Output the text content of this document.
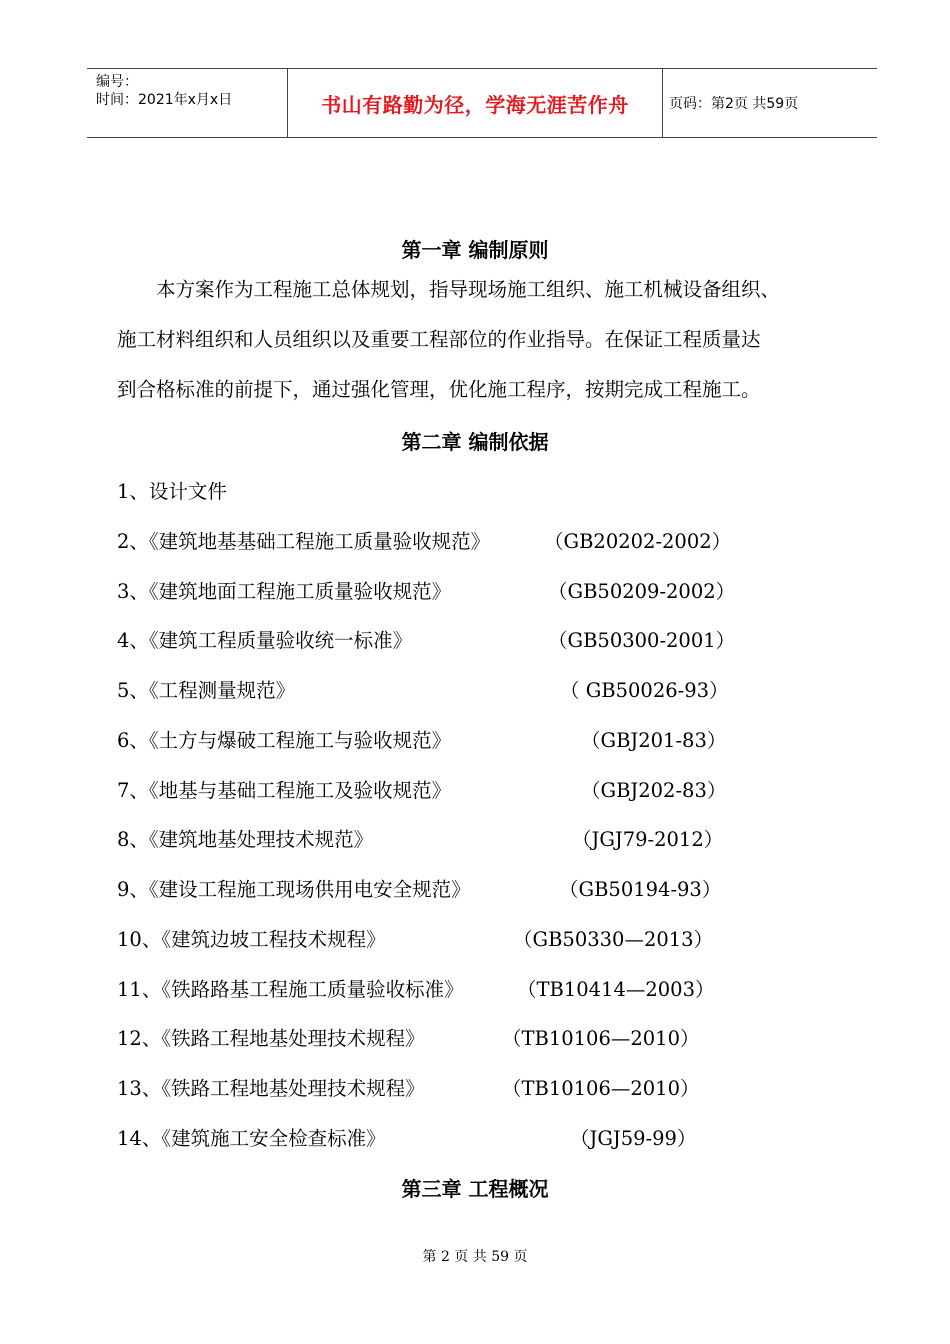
编号：
时间：2021年x月x日	书山有路勤为径，学海无涯苦作舟	页码：第2页 共59页
第一章 编制原则
本方案作为工程施工总体规划，指导现场施工组织、施工机械设备组织、
施工材料组织和人员组织以及重要工程部位的作业指导。在保证工程质量达
到合格标准的前提下，通过强化管理，优化施工程序，按期完成工程施工。
第二章 编制依据
1、设计文件
2、《建筑地基基础工程施工质量验收规范》	（GB20202-2002）
3、《建筑地面工程施工质量验收规范》	（GB50209-2002）
4、《建筑工程质量验收统一标准》	（GB50300-2001）
5、《工程测量规范》	（ GB50026-93）
6、《土方与爆破工程施工与验收规范》	（GBJ201-83）
7、《地基与基础工程施工及验收规范》	（GBJ202-83）
8、《建筑地基处理技术规范》	（JGJ79-2012）
9、《建设工程施工现场供用电安全规范》	（GB50194-93）
10、《建筑边坡工程技术规程》	（GB50330—2013）
11、《铁路路基工程施工质量验收标准》	（TB10414—2003）
12、《铁路工程地基处理技术规程》	（TB10106—2010）
13、《铁路工程地基处理技术规程》	（TB10106—2010）
14、《建筑施工安全检查标准》	（JGJ59-99）
第三章 工程概况
第 2 页 共 59 页
